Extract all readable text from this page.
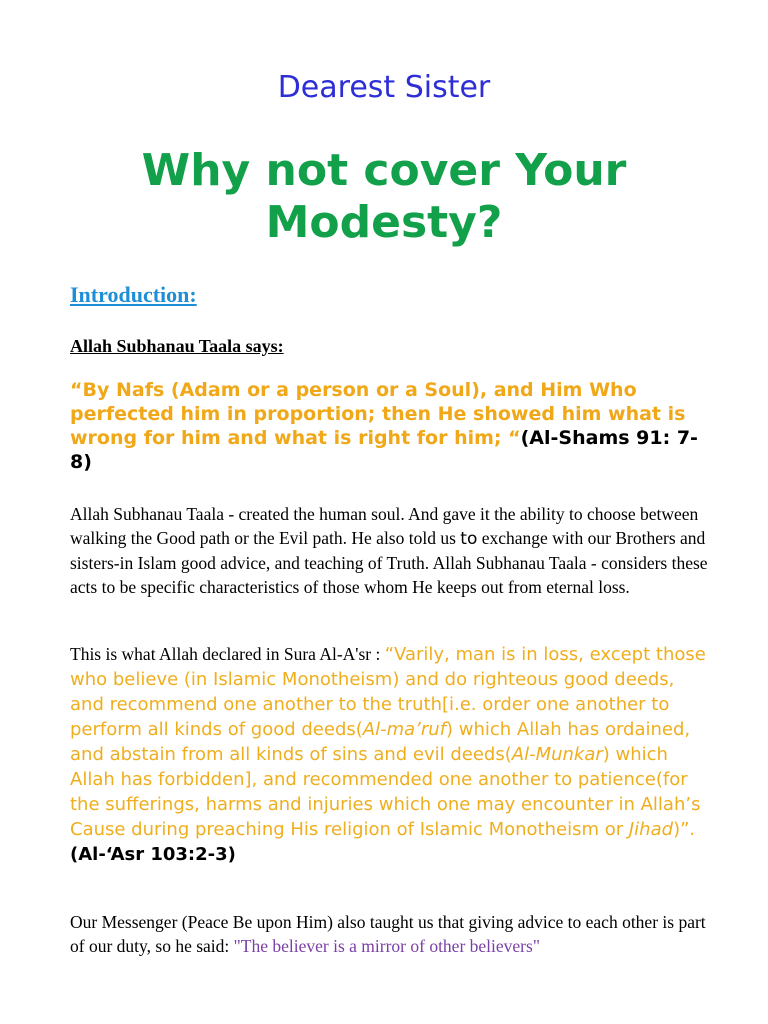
Dearest Sister
Why not cover Your
Modesty?
Introduction:
Allah Subhanau Taala says:
“By Nafs (Adam or a person or a Soul), and Him Who perfected him in proportion; then He showed him what is wrong for him and what is right for him; “(Al-Shams 91: 7-8)
Allah Subhanau Taala - created the human soul. And gave it the ability to choose between walking the Good path or the Evil path. He also told us to exchange with our Brothers and sisters-in Islam good advice, and teaching of Truth. Allah Subhanau Taala - considers these acts to be specific characteristics of those whom He keeps out from eternal loss.
This is what Allah declared in Sura Al-A'sr : “Varily, man is in loss, except those who believe (in Islamic Monotheism) and do righteous good deeds, and recommend one another to the truth[i.e. order one another to perform all kinds of good deeds(Al-ma’ruf) which Allah has ordained, and abstain from all kinds of sins and evil deeds(Al-Munkar) which Allah has forbidden], and recommended one another to patience(for the sufferings, harms and injuries which one may encounter in Allah’s Cause during preaching His religion of Islamic Monotheism or Jihad)”. (Al-‘Asr 103:2-3)
Our Messenger (Peace Be upon Him) also taught us that giving advice to each other is part of our duty, so he said: "The believer is a mirror of other believers"
